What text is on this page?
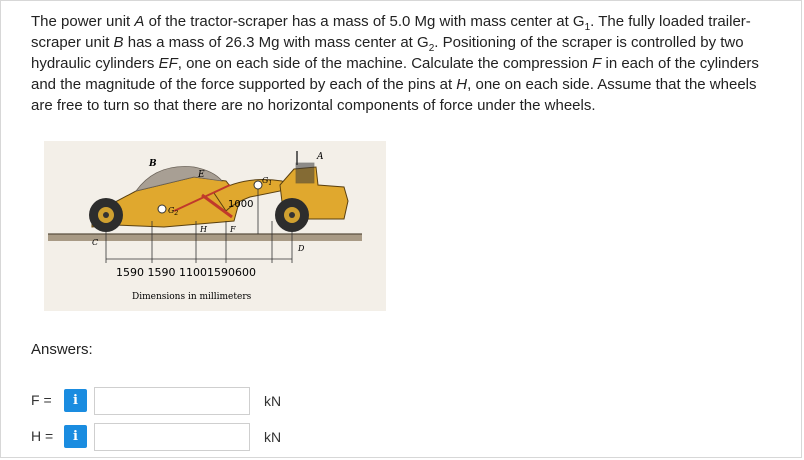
The power unit A of the tractor-scraper has a mass of 5.0 Mg with mass center at $G_1$. The fully loaded trailer-scraper unit B has a mass of 26.3 Mg with mass center at $G_2$. Positioning of the scraper is controlled by two hydraulic cylinders EF, one on each side of the machine. Calculate the compression F in each of the cylinders and the magnitude of the force supported by each of the pins at H, one on each side. Assume that the wheels are free to turn so that there are no horizontal components of force under the wheels.
B
E
A
$G_1$
$G_2$
H	F
C
D
1000
1590 1590 11001590600
Dimensions in millimeters
Answers:
F =	i	kN
H =	i	kN
